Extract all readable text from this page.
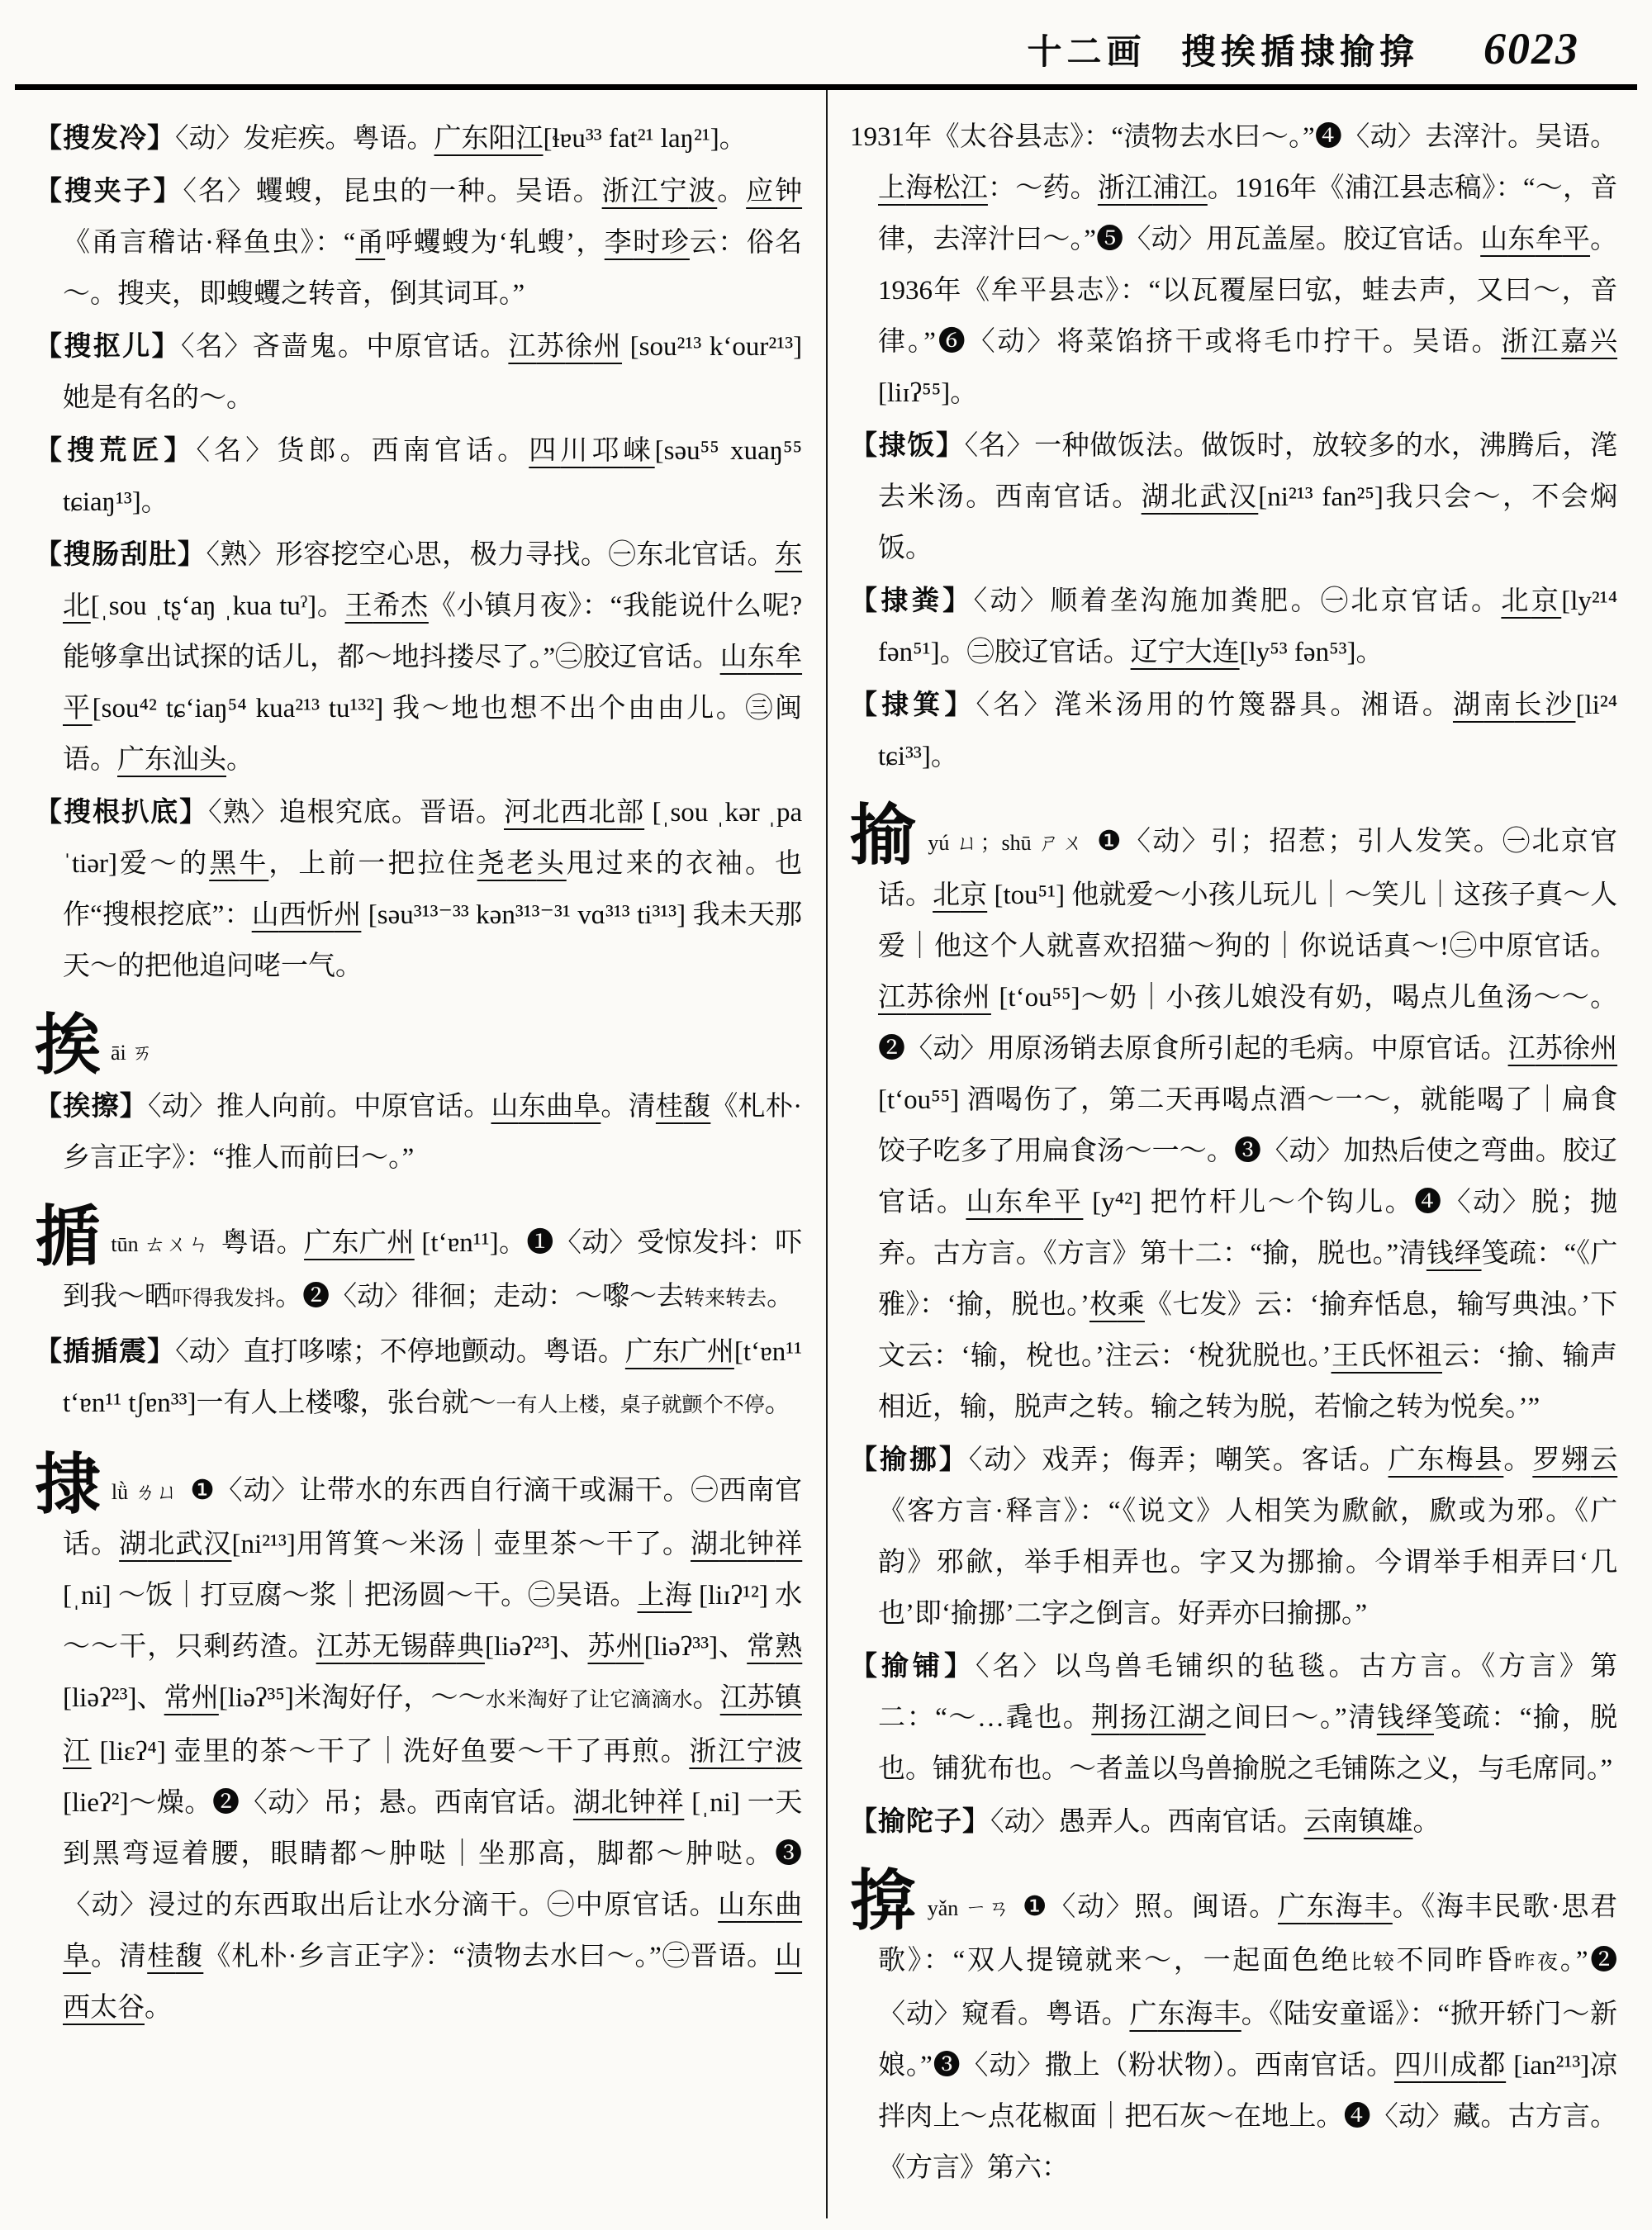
十二画 搜挨揗捸揄揜 6023
【搜发冷】〈动〉发疟疾。粤语。广东阳江[ɬɐu³³ fat²¹ laŋ²¹]。
【搜夹子】〈名〉蠼螋，昆虫的一种。吴语。浙江宁波。应钟《甬言稽诂·释鱼虫》：“甬呼蠼螋为‘轧螋’，李时珍云：俗名～。搜夹，即螋蠼之转音，倒其词耳。”
【搜抠儿】〈名〉吝啬鬼。中原官话。江苏徐州 [sou²¹³ kʻour²¹³]她是有名的～。
【搜荒匠】〈名〉货郎。西南官话。四川邛崃[səu⁵⁵ xuaŋ⁵⁵ tɕiaŋ¹³]。
【搜肠刮肚】〈熟〉形容挖空心思，极力寻找。㊀东北官话。东北[ˌsou ˌtʂʻaŋ ˌkua tuˀ]。王希杰《小镇月夜》：“我能说什么呢?能够拿出试探的话儿，都～地抖搂尽了。”㊁胶辽官话。山东牟平[sou⁴² tɕʻiaŋ⁵⁴ kua²¹³ tu¹³²] 我～地也想不出个由由儿。㊂闽语。广东汕头。
【搜根扒底】〈熟〉追根究底。晋语。河北西北部 [ˌsou ˌkər ˌpa ˈtiər]爱～的黑牛，上前一把拉住尧老头甩过来的衣袖。也作“搜根挖底”：山西忻州 [səu³¹³⁻³³ kən³¹³⁻³¹ vɑ³¹³ ti³¹³] 我未天那天～的把他追问咾一气。
挨āi ㄞ
【挨擦】〈动〉推人向前。中原官话。山东曲阜。清桂馥《札朴·乡言正字》：“推人而前曰～。”
揗tūn ㄊㄨㄣ 粤语。广东广州 [tʻɐn¹¹]。❶〈动〉受惊发抖：吓到我～晒吓得我发抖。❷〈动〉徘徊；走动：～嚟～去转来转去。
【揗揗震】〈动〉直打哆嗦；不停地颤动。粤语。广东广州[tʻɐn¹¹ tʻɐn¹¹ tʃɐn³³]一有人上楼嚟，张台就～一有人上楼，桌子就颤个不停。
捸lǜ ㄌㄩ ❶〈动〉让带水的东西自行滴干或漏干。㊀西南官话。湖北武汉[ni²¹³]用筲箕～米汤｜壶里茶～干了。湖北钟祥 [ˌni] ～饭｜打豆腐～浆｜把汤圆～干。㊁吴语。上海 [liɪʔ¹²] 水～～干，只剩药渣。江苏无锡薛典[liəʔ²³]、苏州[liəʔ³³]、常熟 [liəʔ²³]、常州[liəʔ³⁵]米淘好仔，～～水米淘好了让它滴滴水。江苏镇江 [liɛʔ⁴] 壶里的茶～干了｜洗好鱼要～干了再煎。浙江宁波 [lieʔ²]～燥。❷〈动〉吊；悬。西南官话。湖北钟祥 [ˌni] 一天到黑弯逗着腰，眼睛都～肿哒｜坐那高，脚都～肿哒。❸〈动〉浸过的东西取出后让水分滴干。㊀中原官话。山东曲阜。清桂馥《札朴·乡言正字》：“渍物去水曰～。”㊁晋语。山西太谷。
1931年《太谷县志》：“渍物去水曰～。”❹〈动〉去滓汁。吴语。上海松江：～药。浙江浦江。1916年《浦江县志稿》：“～，音律，去滓汁曰～。”❺〈动〉用瓦盖屋。胶辽官话。山东牟平。1936年《牟平县志》：“以瓦覆屋曰宖，蛙去声，又曰～，音律。”❻〈动〉将菜馅挤干或将毛巾拧干。吴语。浙江嘉兴 [liɪʔ⁵⁵]。
【捸饭】〈名〉一种做饭法。做饭时，放较多的水，沸腾后，滗去米汤。西南官话。湖北武汉[ni²¹³ fan²⁵]我只会～，不会焖饭。
【捸粪】〈动〉顺着垄沟施加粪肥。㊀北京官话。北京[ly²¹⁴ fən⁵¹]。㊁胶辽官话。辽宁大连[ly⁵³ fən⁵³]。
【捸箕】〈名〉滗米汤用的竹篾器具。湘语。湖南长沙[li²⁴ tɕi³³]。
揄yú ㄩ；shū ㄕㄨ ❶〈动〉引；招惹；引人发笑。㊀北京官话。北京 [tou⁵¹] 他就爱～小孩儿玩儿｜～笑儿｜这孩子真～人爱｜他这个人就喜欢招猫～狗的｜你说话真～!㊁中原官话。江苏徐州 [tʻou⁵⁵]～奶｜小孩儿娘没有奶，喝点儿鱼汤～～。❷〈动〉用原汤销去原食所引起的毛病。中原官话。江苏徐州 [tʻou⁵⁵] 酒喝伤了，第二天再喝点酒～一～，就能喝了｜扁食饺子吃多了用扁食汤～一～。❸〈动〉加热后使之弯曲。胶辽官话。山东牟平 [y⁴²] 把竹杆儿～个钩儿。❹〈动〉脱；抛弃。古方言。《方言》第十二：“揄，脱也。”清钱绎笺疏：“《广雅》：‘揄，脱也。’枚乘《七发》云：‘揄弃恬息，输写典浊。’下文云：‘输，梲也。’注云：‘梲犹脱也。’王氏怀祖云：‘揄、输声相近，输，脱声之转。输之转为脱，若愉之转为悦矣。’”
【揄挪】〈动〉戏弄；侮弄；嘲笑。客话。广东梅县。罗翙云《客方言·释言》：“《说文》人相笑为歋歈，歋或为邪。《广韵》邪歈，举手相弄也。字又为挪揄。今谓举手相弄曰‘几也’即‘揄挪’二字之倒言。好弄亦曰揄挪。”
【揄铺】〈名〉以鸟兽毛铺织的毡毯。古方言。《方言》第二：“～…毳也。荆扬江湖之间曰～。”清钱绎笺疏：“揄，脱也。铺犹布也。～者盖以鸟兽揄脱之毛铺陈之义，与毛席同。”
【揄陀子】〈动〉愚弄人。西南官话。云南镇雄。
揜yǎn ㄧㄢ ❶〈动〉照。闽语。广东海丰。《海丰民歌·思君歌》：“双人提镜就来～，一起面色绝比较不同昨昏昨夜。”❷〈动〉窥看。粤语。广东海丰。《陆安童谣》：“掀开轿门～新娘。”❸〈动〉撒上（粉状物）。西南官话。四川成都 [ian²¹³]凉拌肉上～点花椒面｜把石灰～在地上。❹〈动〉藏。古方言。《方言》第六：
